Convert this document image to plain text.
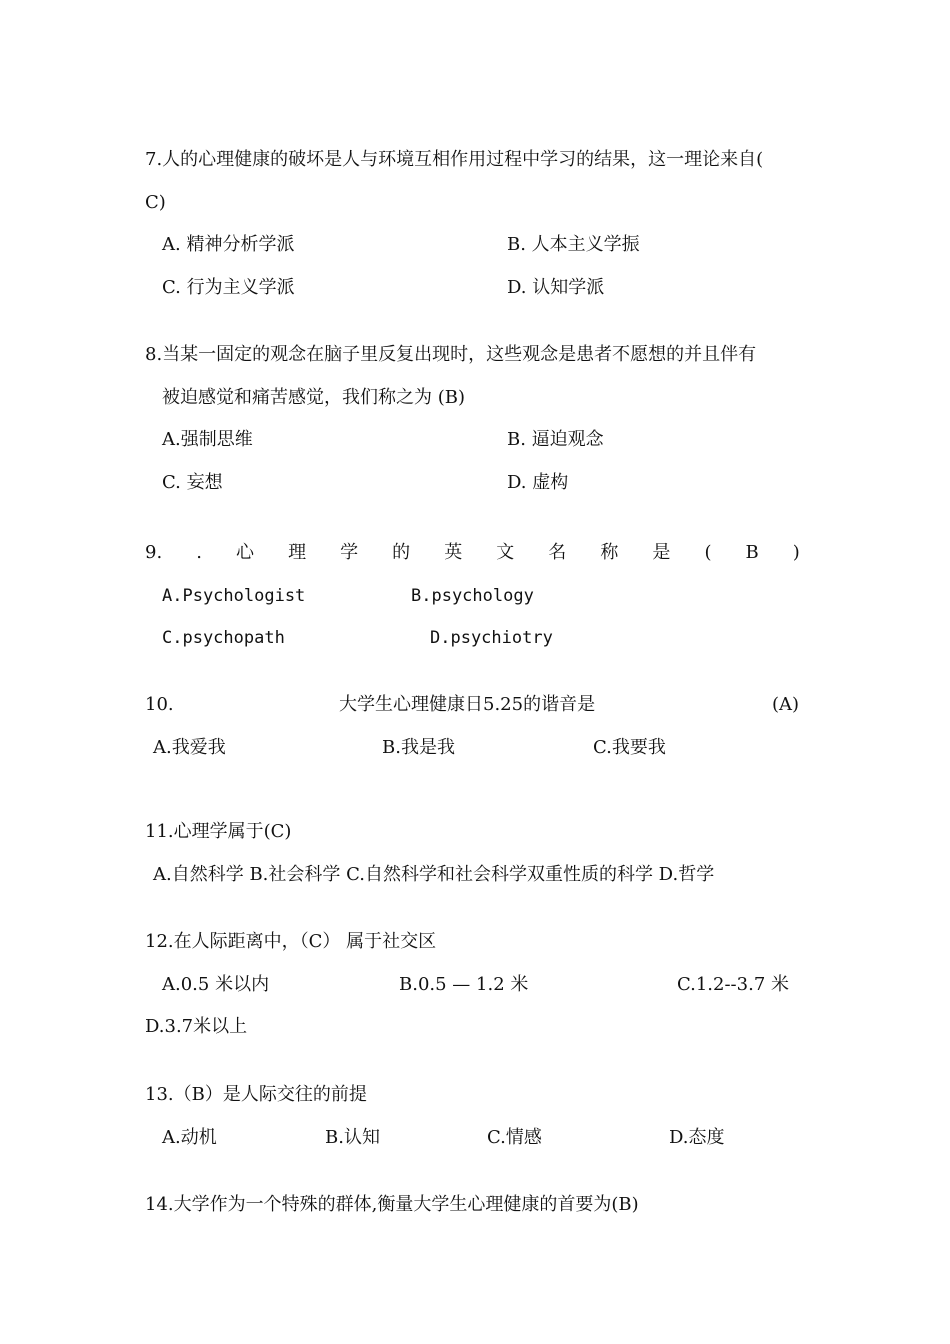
7.人的心理健康的破坏是人与环境互相作用过程中学习的结果，这一理论来自(
C)
A. 精神分析学派	B. 人本主义学振
C. 行为主义学派	D. 认知学派
8.当某一固定的观念在脑子里反复出现时，这些观念是患者不愿想的并且伴有
被迫感觉和痛苦感觉，我们称之为 (B)
A.强制思维	B. 逼迫观念
C. 妄想	D. 虚构
9. . 心 理 学 的 英 文 名 称 是 ( B )
A.Psychologist	B.psychology
C.psychopath	D.psychiotry
10.	大学生心理健康日5.25的谐音是	(A)
A.我爱我	B.我是我	C.我要我
11.心理学属于(C)
A.自然科学 B.社会科学 C.自然科学和社会科学双重性质的科学 D.哲学
12.在人际距离中，（C） 属于社交区
A.0.5 米以内	B.0.5 — 1.2 米	C.1.2--3.7 米
D.3.7米以上
13.（B）是人际交往的前提
A.动机	B.认知	C.情感	D.态度
14.大学作为一个特殊的群体,衡量大学生心理健康的首要为(B)
